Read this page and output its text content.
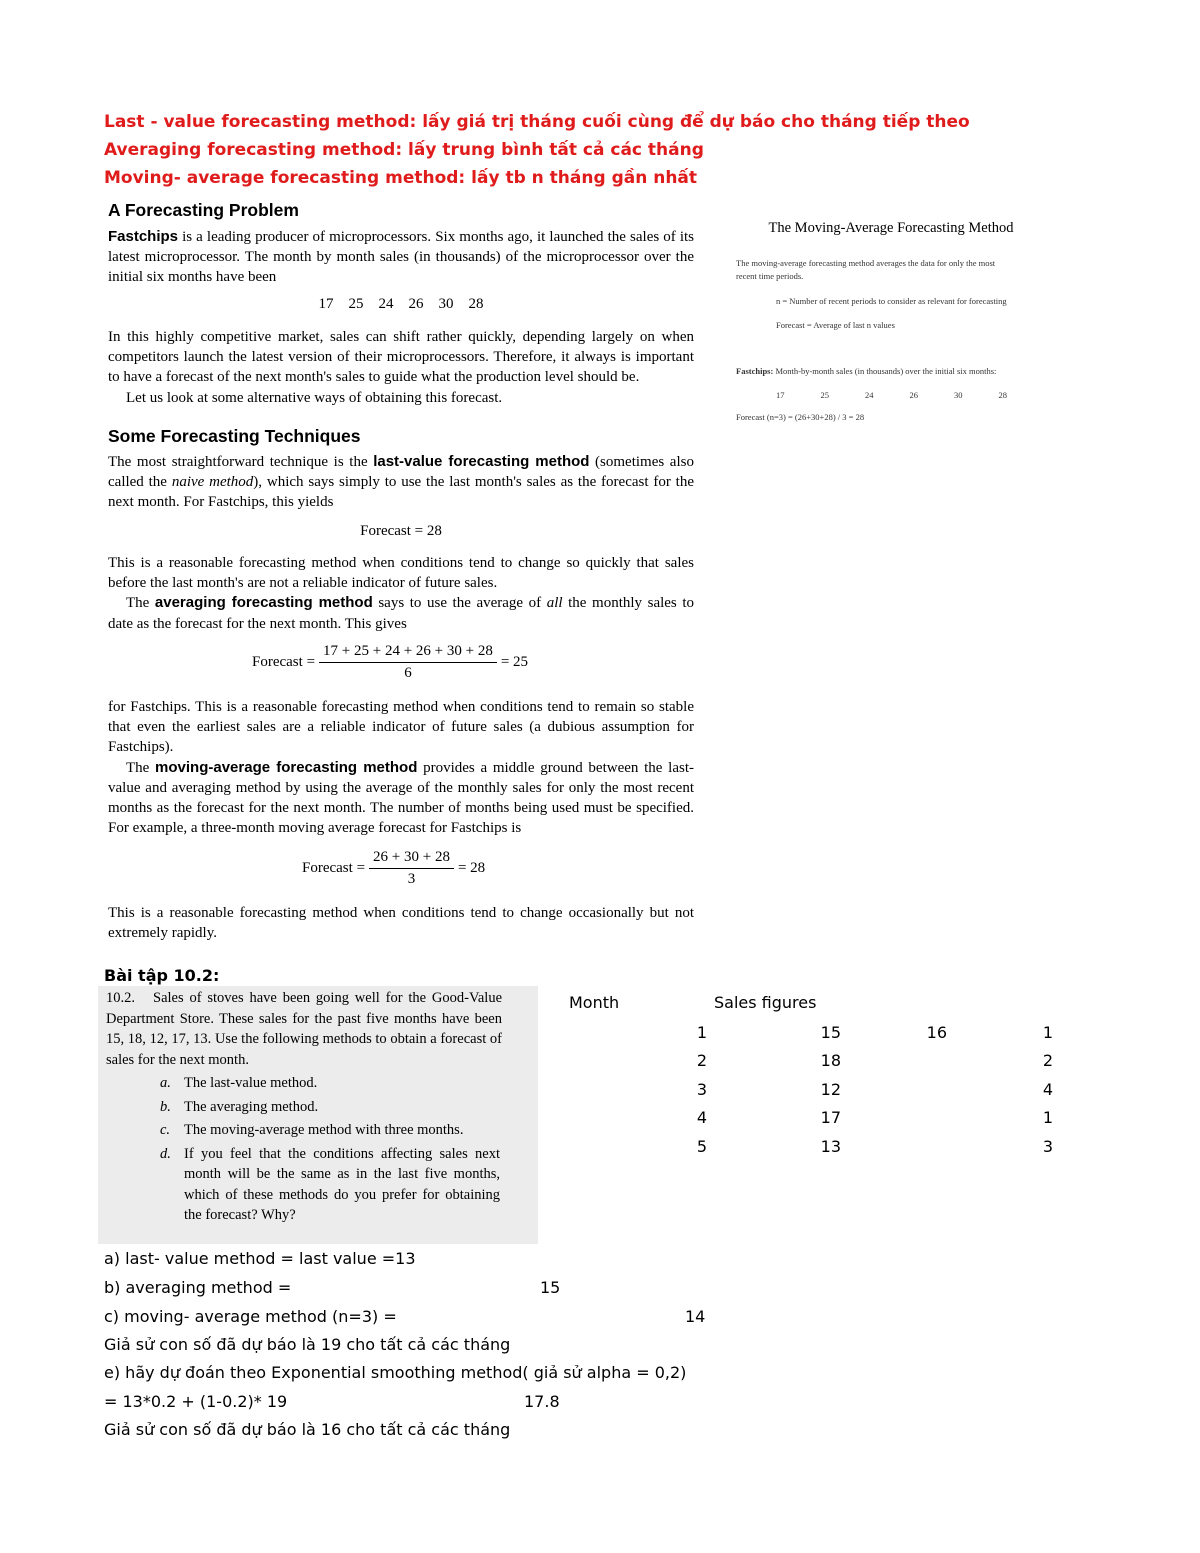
Last - value forecasting method: lấy giá trị tháng cuối cùng để dự báo cho tháng tiếp theo
Averaging forecasting method: lấy trung bình tất cả các tháng
Moving- average forecasting method: lấy tb n tháng gần nhất
A Forecasting Problem

Fastchips is a leading producer of microprocessors. Six months ago, it launched the sales of its latest microprocessor. The month by month sales (in thousands) of the microprocessor over the initial six months have been

17    25    24    26    30    28

In this highly competitive market, sales can shift rather quickly, depending largely on when competitors launch the latest version of their microprocessors. Therefore, it always is important to have a forecast of the next month's sales to guide what the production level should be.

Let us look at some alternative ways of obtaining this forecast.

Some Forecasting Techniques

The most straightforward technique is the last-value forecasting method (sometimes also called the naive method), which says simply to use the last month's sales as the forecast for the next month. For Fastchips, this yields

Forecast = 28

This is a reasonable forecasting method when conditions tend to change so quickly that sales before the last month's are not a reliable indicator of future sales.

The averaging forecasting method says to use the average of all the monthly sales to date as the forecast for the next month. This gives

Forecast = $\frac{17 + 25 + 24 + 26 + 30 + 28}{6} = 25$

for Fastchips. This is a reasonable forecasting method when conditions tend to remain so stable that even the earliest sales are a reliable indicator of future sales (a dubious assumption for Fastchips).

The moving-average forecasting method provides a middle ground between the last-value and averaging method by using the average of the monthly sales for only the most recent months as the forecast for the next month. The number of months being used must be specified. For example, a three-month moving average forecast for Fastchips is

Forecast = $\frac{26 + 30 + 28}{3} = 28$

This is a reasonable forecasting method when conditions tend to change occasionally but not extremely rapidly.

The Moving-Average Forecasting Method
The moving-average forecasting method averages the data for only the most
recent time periods.
n = Number of recent periods to consider as relevant for forecasting
Forecast = Average of last n values
Fastchips: Month-by-month sales (in thousands) over the initial six months:
17	25	24	26	30	28
Forecast (n=3) = (26+30+28) / 3 = 28
Bài tập 10.2:
10.2. Sales of stoves have been going well for the Good-Value Department Store. These sales for the past five months have been 15, 18, 12, 17, 13. Use the following methods to obtain a forecast of sales for the next month.
a. The last-value method.
b. The averaging method.
c. The moving-average method with three months.
d. If you feel that the conditions affecting sales next month will be the same as in the last five months, which of these methods do you prefer for obtaining the forecast? Why?
Month	Sales figures
1	15	16	1
2	18		2
3	12		4
4	17		1
5	13		3
a) last- value method = last value =13
b) averaging method =	15
c) moving- average method (n=3) =	14
Giả sử con số đã dự báo là 19 cho tất cả các tháng
e) hãy dự đoán theo Exponential smoothing method( giả sử alpha = 0,2)
= 13*0.2 + (1-0.2)* 19	17.8
Giả sử con số đã dự báo là 16 cho tất cả các tháng
